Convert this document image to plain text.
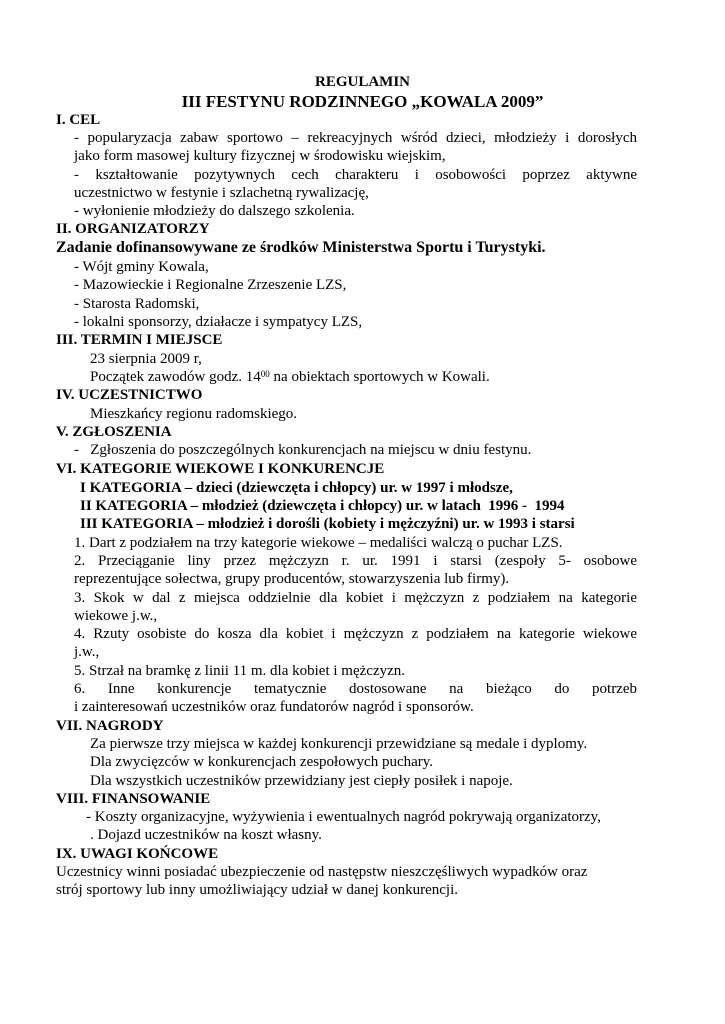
REGULAMIN
III FESTYNU RODZINNEGO „KOWALA 2009”
I. CEL
- popularyzacja zabaw sportowo – rekreacyjnych wśród dzieci, młodzieży i dorosłych
jako form masowej kultury fizycznej w środowisku wiejskim,
- kształtowanie pozytywnych cech charakteru i osobowości poprzez aktywne
uczestnictwo w festynie i szlachetną rywalizację,
- wyłonienie młodzieży do dalszego szkolenia.
II. ORGANIZATORZY
Zadanie dofinansowywane ze środków Ministerstwa Sportu i Turystyki.
- Wójt gminy Kowala,
- Mazowieckie i Regionalne Zrzeszenie LZS,
- Starosta Radomski,
- lokalni sponsorzy, działacze i sympatycy LZS,
III. TERMIN I MIEJSCE
23 sierpnia 2009 r,
Początek zawodów godz. $14^{00}$ na obiektach sportowych w Kowali.
IV. UCZESTNICTWO
Mieszkańcy regionu radomskiego.
V. ZGŁOSZENIA
-   Zgłoszenia do poszczególnych konkurencjach na miejscu w dniu festynu.
VI. KATEGORIE WIEKOWE I KONKURENCJE
I KATEGORIA – dzieci (dziewczęta i chłopcy) ur. w 1997 i młodsze,
II KATEGORIA – młodzież (dziewczęta i chłopcy) ur. w latach  1996 -  1994
III KATEGORIA – młodzież i dorośli (kobiety i mężczyźni) ur. w 1993 i starsi
1. Dart z podziałem na trzy kategorie wiekowe – medaliści walczą o puchar LZS.
2. Przeciąganie liny przez mężczyzn r. ur. 1991 i starsi (zespoły 5- osobowe
reprezentujące sołectwa, grupy producentów, stowarzyszenia lub firmy).
3. Skok w dal z miejsca oddzielnie dla kobiet i mężczyzn z podziałem na kategorie
wiekowe j.w.,
4. Rzuty osobiste do kosza dla kobiet i mężczyzn z podziałem na kategorie wiekowe
j.w.,
5. Strzał na bramkę z linii 11 m. dla kobiet i mężczyzn.
6. Inne konkurencje tematycznie dostosowane na bieżąco do potrzeb
i zainteresowań uczestników oraz fundatorów nagród i sponsorów.
VII. NAGRODY
Za pierwsze trzy miejsca w każdej konkurencji przewidziane są medale i dyplomy.
Dla zwycięzców w konkurencjach zespołowych puchary.
Dla wszystkich uczestników przewidziany jest ciepły posiłek i napoje.
VIII. FINANSOWANIE
- Koszty organizacyjne, wyżywienia i ewentualnych nagród pokrywają organizatorzy,
. Dojazd uczestników na koszt własny.
IX. UWAGI KOŃCOWE
Uczestnicy winni posiadać ubezpieczenie od następstw nieszczęśliwych wypadków oraz
strój sportowy lub inny umożliwiający udział w danej konkurencji.
